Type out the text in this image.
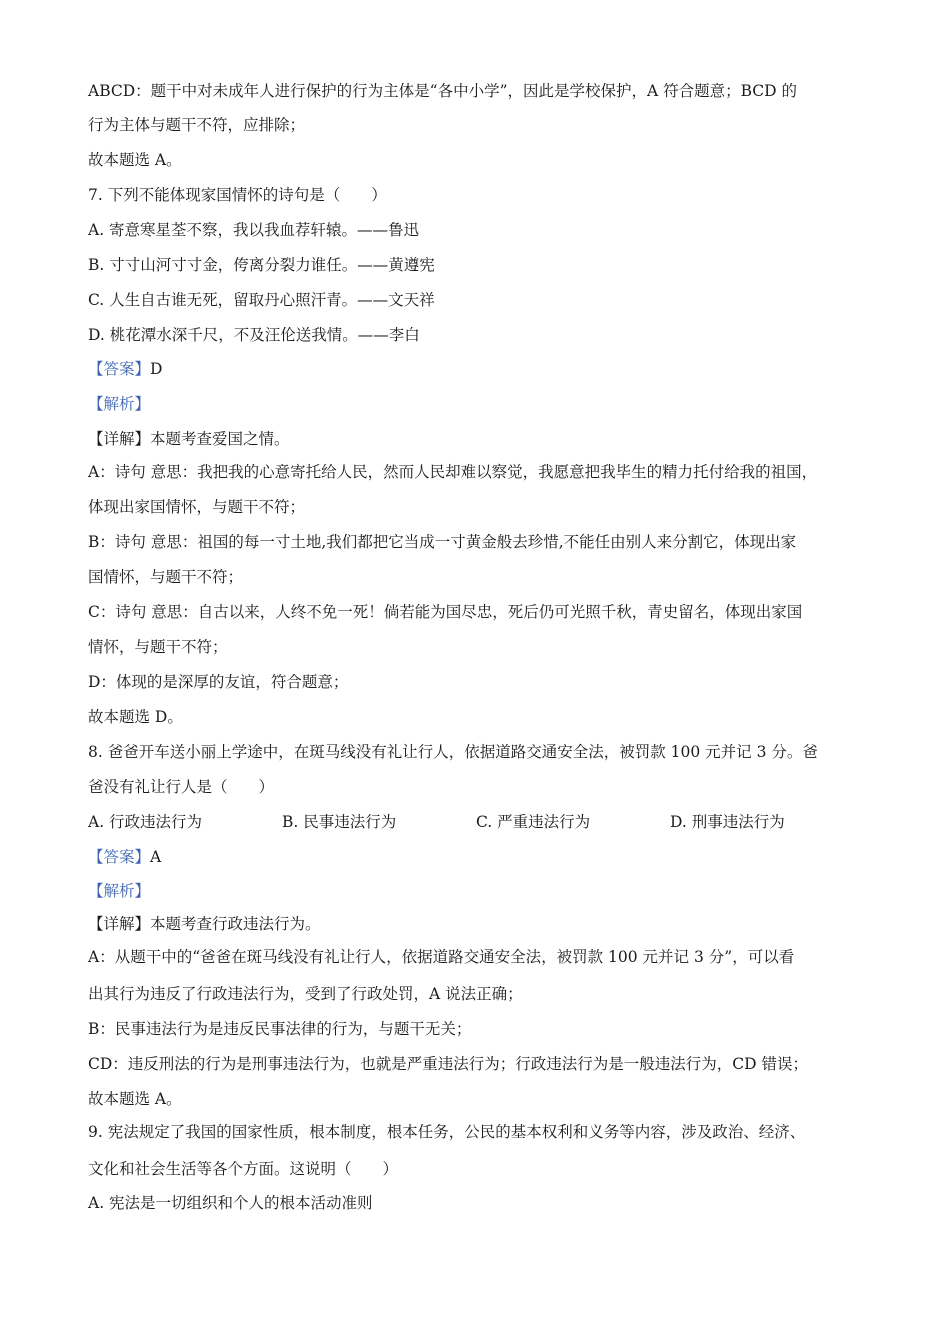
ABCD：题干中对未成年人进行保护的行为主体是“各中小学”，因此是学校保护，A 符合题意；BCD 的
行为主体与题干不符，应排除；
故本题选 A。
7. 下列不能体现家国情怀的诗句是（　　）
A. 寄意寒星荃不察，我以我血荐轩辕。——鲁迅
B. 寸寸山河寸寸金，侉离分裂力谁任。——黄遵宪
C. 人生自古谁无死，留取丹心照汗青。——文天祥
D. 桃花潭水深千尺，不及汪伦送我情。——李白
【答案】D
【解析】
【详解】本题考查爱国之情。
A：诗句 意思：我把我的心意寄托给人民，然而人民却难以察觉，我愿意把我毕生的精力托付给我的祖国，
体现出家国情怀，与题干不符；
B：诗句 意思：祖国的每一寸土地,我们都把它当成一寸黄金般去珍惜,不能任由别人来分割它，体现出家
国情怀，与题干不符；
C：诗句 意思：自古以来，人终不免一死！倘若能为国尽忠，死后仍可光照千秋，青史留名，体现出家国
情怀，与题干不符；
D：体现的是深厚的友谊，符合题意；
故本题选 D。
8. 爸爸开车送小丽上学途中，在斑马线没有礼让行人，依据道路交通安全法，被罚款 100 元并记 3 分。爸
爸没有礼让行人是（　　）
A. 行政违法行为	B. 民事违法行为	C. 严重违法行为	D. 刑事违法行为
【答案】A
【解析】
【详解】本题考查行政违法行为。
A：从题干中的“爸爸在斑马线没有礼让行人，依据道路交通安全法，被罚款 100 元并记 3 分”，可以看
出其行为违反了行政违法行为，受到了行政处罚，A 说法正确；
B：民事违法行为是违反民事法律的行为，与题干无关；
CD：违反刑法的行为是刑事违法行为，也就是严重违法行为；行政违法行为是一般违法行为，CD 错误；
故本题选 A。
9. 宪法规定了我国的国家性质，根本制度，根本任务，公民的基本权利和义务等内容，涉及政治、经济、
文化和社会生活等各个方面。这说明（　　）
A. 宪法是一切组织和个人的根本活动准则
